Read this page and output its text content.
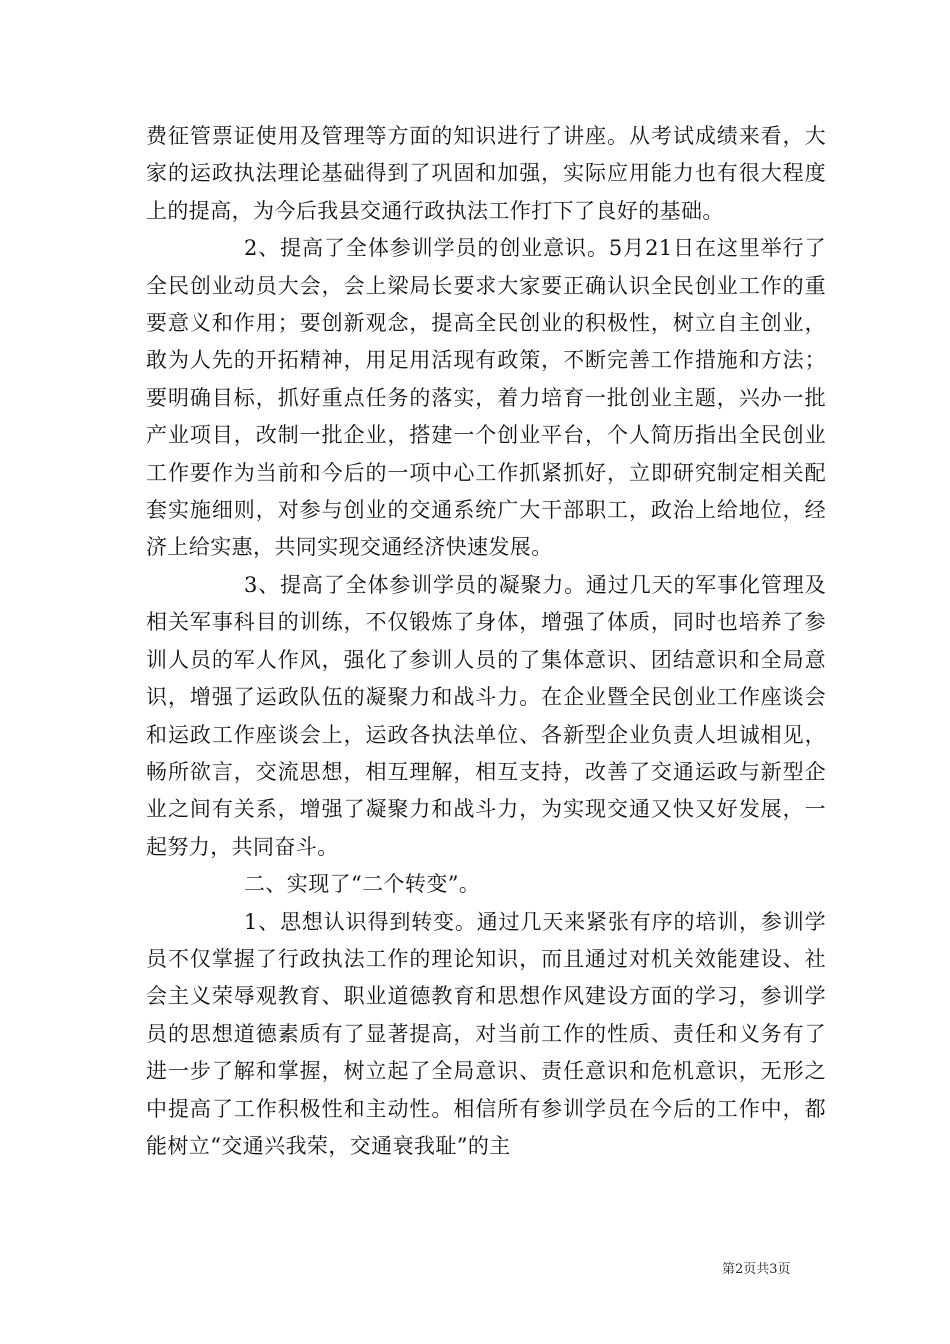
费征管票证使用及管理等方面的知识进行了讲座。从考试成绩来看，大家的运政执法理论基础得到了巩固和加强，实际应用能力也有很大程度上的提高，为今后我县交通行政执法工作打下了良好的基础。

2、提高了全体参训学员的创业意识。5月21日在这里举行了全民创业动员大会，会上梁局长要求大家要正确认识全民创业工作的重要意义和作用；要创新观念，提高全民创业的积极性，树立自主创业，敢为人先的开拓精神，用足用活现有政策，不断完善工作措施和方法；要明确目标，抓好重点任务的落实，着力培育一批创业主题，兴办一批产业项目，改制一批企业，搭建一个创业平台，个人简历指出全民创业工作要作为当前和今后的一项中心工作抓紧抓好，立即研究制定相关配套实施细则，对参与创业的交通系统广大干部职工，政治上给地位，经济上给实惠，共同实现交通经济快速发展。

3、提高了全体参训学员的凝聚力。通过几天的军事化管理及相关军事科目的训练，不仅锻炼了身体，增强了体质，同时也培养了参训人员的军人作风，强化了参训人员的了集体意识、团结意识和全局意识，增强了运政队伍的凝聚力和战斗力。在企业暨全民创业工作座谈会和运政工作座谈会上，运政各执法单位、各新型企业负责人坦诚相见，畅所欲言，交流思想，相互理解，相互支持，改善了交通运政与新型企业之间有关系，增强了凝聚力和战斗力，为实现交通又快又好发展，一起努力，共同奋斗。

二、实现了“二个转变”。

1、思想认识得到转变。通过几天来紧张有序的培训，参训学员不仅掌握了行政执法工作的理论知识，而且通过对机关效能建设、社会主义荣辱观教育、职业道德教育和思想作风建设方面的学习，参训学员的思想道德素质有了显著提高，对当前工作的性质、责任和义务有了进一步了解和掌握，树立起了全局意识、责任意识和危机意识，无形之中提高了工作积极性和主动性。相信所有参训学员在今后的工作中，都能树立“交通兴我荣，交通衰我耻”的主

第2页共3页
